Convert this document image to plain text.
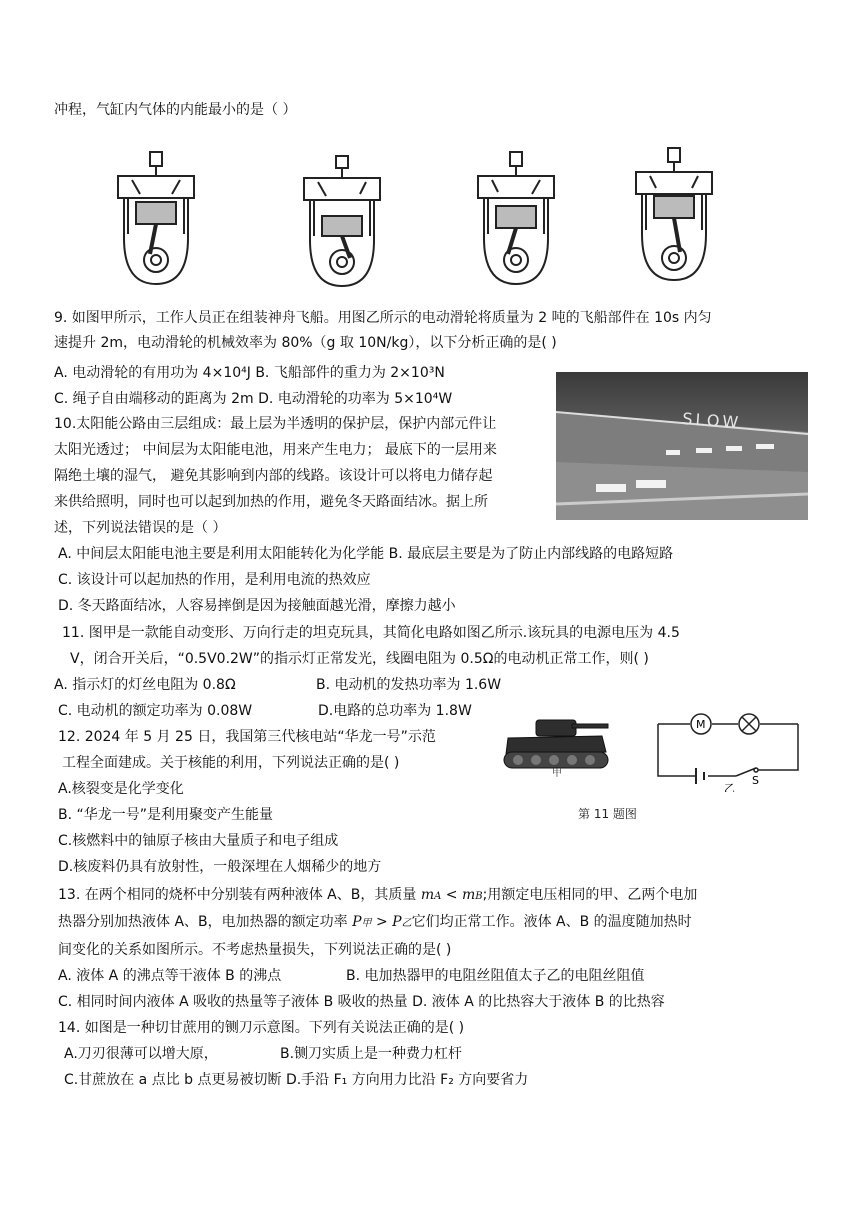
冲程，气缸内气体的内能最小的是（ ）
9. 如图甲所示，工作人员正在组装神舟飞船。用图乙所示的电动滑轮将质量为 2 吨的飞船部件在 10s 内匀
速提升 2m，电动滑轮的机械效率为 80%（g 取 10N/kg），以下分析正确的是( )
A. 电动滑轮的有用功为 4×10⁴J B. 飞船部件的重力为 2×10³N
C. 绳子自由端移动的距离为 2m D. 电动滑轮的功率为 5×10⁴W
SLOW
10.太阳能公路由三层组成：最上层为半透明的保护层，保护内部元件让
太阳光透过； 中间层为太阳能电池，用来产生电力； 最底下的一层用来
隔绝土壤的湿气， 避免其影响到内部的线路。该设计可以将电力储存起
来供给照明，同时也可以起到加热的作用，避免冬天路面结冰。据上所
述，下列说法错误的是（ ）
A. 中间层太阳能电池主要是利用太阳能转化为化学能 B. 最底层主要是为了防止内部线路的电路短路
C. 该设计可以起加热的作用，是利用电流的热效应
D. 冬天路面结冰，人容易摔倒是因为接触面越光滑，摩擦力越小
11. 图甲是一款能自动变形、万向行走的坦克玩具，其简化电路如图乙所示.该玩具的电源电压为 4.5
V，闭合开关后，“0.5V0.2W”的指示灯正常发光，线圈电阻为 0.5Ω的电动机正常工作，则( )
A. 指示灯的灯丝电阻为 0.8Ω	B. 电动机的发热功率为 1.6W
C. 电动机的额定功率为 0.08W	D.电路的总功率为 1.8W
甲
M
S
乙
第 11 题图
12. 2024 年 5 月 25 日，我国第三代核电站“华龙一号”示范
工程全面建成。关于核能的利用，下列说法正确的是( )
A.核裂变是化学变化
B. “华龙一号”是利用聚变产生能量
C.核燃料中的铀原子核由大量质子和电子组成
D.核废料仍具有放射性，一般深埋在人烟稀少的地方
13. 在两个相同的烧杯中分别装有两种液体 A、B，其质量 mA < mB;用额定电压相同的甲、乙两个电加
热器分别加热液体 A、B，电加热器的额定功率 P甲 > P乙它们均正常工作。液体 A、B 的温度随加热时
间变化的关系如图所示。不考虑热量损失，下列说法正确的是( )
A. 液体 A 的沸点等干液体 B 的沸点	B. 电加热器甲的电阻丝阻值太子乙的电阻丝阻值
C. 相同时间内液体 A 吸收的热量等子液体 B 吸收的热量 D. 液体 A 的比热容大于液体 B 的比热容
14. 如图是一种切甘蔗用的铡刀示意图。下列有关说法正确的是( )
A.刀刃很薄可以增大原，	B.铡刀实质上是一种费力杠杆
C.甘蔗放在 a 点比 b 点更易被切断 D.手沿 F₁ 方向用力比沿 F₂ 方向要省力
